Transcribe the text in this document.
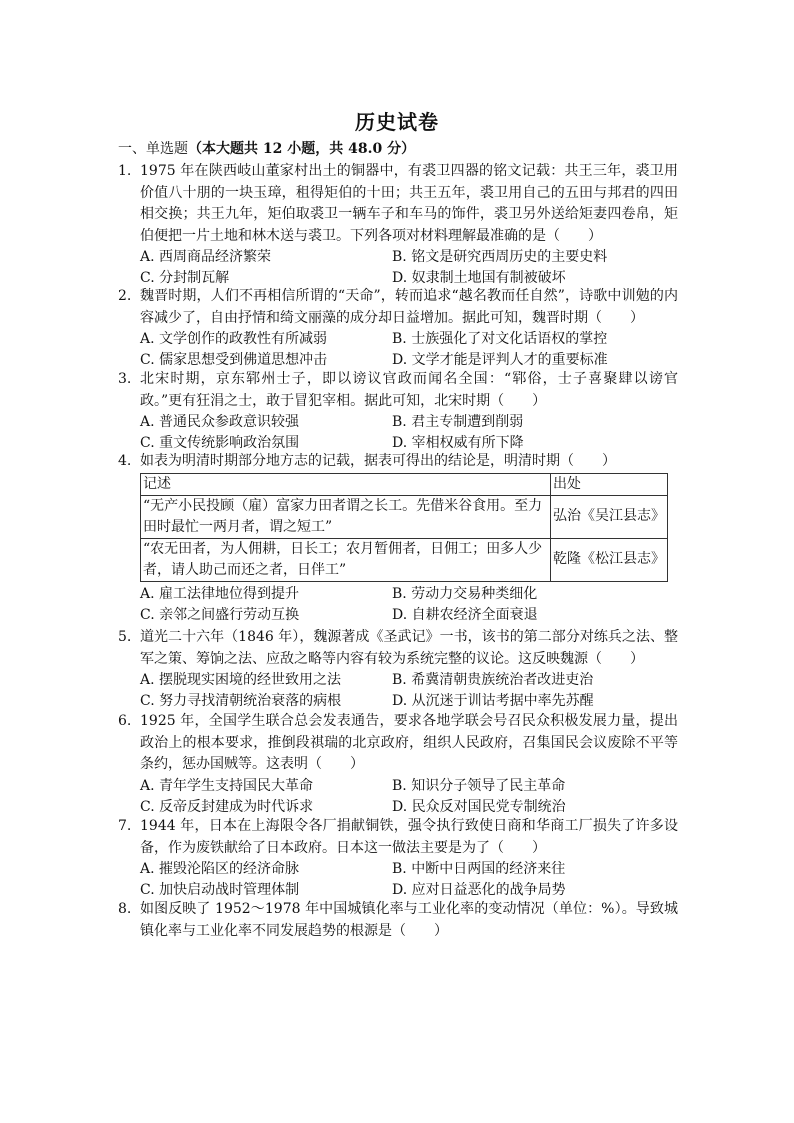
历史试卷
一、单选题（本大题共 12 小题，共 48.0 分）
1. 1975 年在陕西岐山董家村出土的铜器中，有裘卫四器的铭文记载：共王三年，裘卫用价值八十朋的一块玉璋，租得矩伯的十田；共王五年，裘卫用自己的五田与邦君的四田相交换；共王九年，矩伯取裘卫一辆车子和车马的饰件，裘卫另外送给矩妻四卷帛，矩伯便把一片土地和林木送与裘卫。下列各项对材料理解最准确的是（　　）
A. 西周商品经济繁荣	B. 铭文是研究西周历史的主要史料
C. 分封制瓦解	D. 奴隶制土地国有制被破坏
2. 魏晋时期，人们不再相信所谓的“天命”，转而追求“越名教而任自然”，诗歌中训勉的内容减少了，自由抒情和绮文丽藻的成分却日益增加。据此可知，魏晋时期（　　）
A. 文学创作的政教性有所减弱	B. 士族强化了对文化话语权的掌控
C. 儒家思想受到佛道思想冲击	D. 文学才能是评判人才的重要标准
3. 北宋时期，京东郓州士子，即以谤议官政而闻名全国：“郓俗，士子喜聚肆以谤官政。”更有狂涓之士，敢于冒犯宰相。据此可知，北宋时期（　　）
A. 普通民众参政意识较强	B. 君主专制遭到削弱
C. 重文传统影响政治氛围	D. 宰相权威有所下降
4. 如表为明清时期部分地方志的记载，据表可得出的结论是，明清时期（　　）
记述	出处
“无产小民投顾（雇）富家力田者谓之长工。先借米谷食用。至力田时最忙一两月者，谓之短工”	弘治《吴江县志》
“农无田者，为人佣耕，日长工；农月暂佣者，日佣工；田多人少者，请人助己而还之者，日伴工”	乾隆《松江县志》
A. 雇工法律地位得到提升	B. 劳动力交易种类细化
C. 亲邻之间盛行劳动互换	D. 自耕农经济全面衰退
5. 道光二十六年（1846 年），魏源著成《圣武记》一书，该书的第二部分对练兵之法、整军之策、筹饷之法、应敌之略等内容有较为系统完整的议论。这反映魏源（　　）
A. 摆脱现实困境的经世致用之法	B. 希冀清朝贵族统治者改进吏治
C. 努力寻找清朝统治衰落的病根	D. 从沉迷于训诂考据中率先苏醒
6. 1925 年，全国学生联合总会发表通告，要求各地学联会号召民众积极发展力量，提出政治上的根本要求，推倒段祺瑞的北京政府，组织人民政府，召集国民会议废除不平等条约，惩办国贼等。这表明（　　）
A. 青年学生支持国民大革命	B. 知识分子领导了民主革命
C. 反帝反封建成为时代诉求	D. 民众反对国民党专制统治
7. 1944 年，日本在上海限令各厂捐献铜铁，强令执行致使日商和华商工厂损失了许多设备，作为废铁献给了日本政府。日本这一做法主要是为了（　　）
A. 摧毁沦陷区的经济命脉	B. 中断中日两国的经济来往
C. 加快启动战时管理体制	D. 应对日益恶化的战争局势
8. 如图反映了 1952～1978 年中国城镇化率与工业化率的变动情况（单位：%）。导致城镇化率与工业化率不同发展趋势的根源是（　　）
